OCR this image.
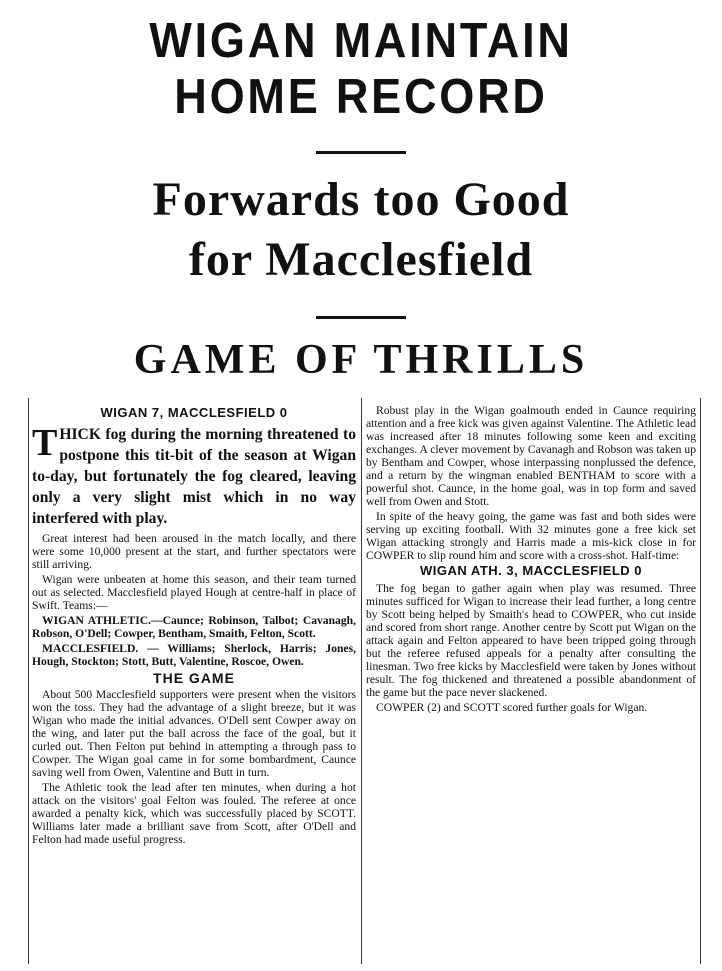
WIGAN MAINTAIN
HOME RECORD
Forwards too Good
for Macclesfield
GAME OF THRILLS
WIGAN 7, MACCLESFIELD 0
THICK fog during the morning threatened to postpone this tit-bit of the season at Wigan to-day, but fortunately the fog cleared, leaving only a very slight mist which in no way interfered with play.

Great interest had been aroused in the match locally, and there were some 10,000 present at the start, and further spectators were still arriving.

Wigan were unbeaten at home this season, and their team turned out as selected. Macclesfield played Hough at centre-half in place of Swift. Teams:—

WIGAN ATHLETIC.—Caunce; Robinson, Talbot; Cavanagh, Robson, O'Dell; Cowper, Bentham, Smaith, Felton, Scott.

MACCLESFIELD. — Williams; Sherlock, Harris; Jones, Hough, Stockton; Stott, Butt, Valentine, Roscoe, Owen.

THE GAME

About 500 Macclesfield supporters were present when the visitors won the toss. They had the advantage of a slight breeze, but it was Wigan who made the initial advances. O'Dell sent Cowper away on the wing, and later put the ball across the face of the goal, but it curled out. Then Felton put behind in attempting a through pass to Cowper. The Wigan goal came in for some bombardment, Caunce saving well from Owen, Valentine and Butt in turn.

The Athletic took the lead after ten minutes, when during a hot attack on the visitors' goal Felton was fouled. The referee at once awarded a penalty kick, which was successfully placed by SCOTT. Williams later made a brilliant save from Scott, after O'Dell and Felton had made useful progress.

Robust play in the Wigan goalmouth ended in Caunce requiring attention and a free kick was given against Valentine. The Athletic lead was increased after 18 minutes following some keen and exciting exchanges. A clever movement by Cavanagh and Robson was taken up by Bentham and Cowper, whose interpassing nonplussed the defence, and a return by the wingman enabled BENTHAM to score with a powerful shot. Caunce, in the home goal, was in top form and saved well from Owen and Stott.

In spite of the heavy going, the game was fast and both sides were serving up exciting football. With 32 minutes gone a free kick set Wigan attacking strongly and Harris made a mis-kick close in for COWPER to slip round him and score with a cross-shot. Half-time:

WIGAN ATH. 3, MACCLESFIELD 0

The fog began to gather again when play was resumed. Three minutes sufficed for Wigan to increase their lead further, a long centre by Scott being helped by Smaith's head to COWPER, who cut inside and scored from short range. Another centre by Scott put Wigan on the attack again and Felton appeared to have been tripped going through but the referee refused appeals for a penalty after consulting the linesman. Two free kicks by Macclesfield were taken by Jones without result. The fog thickened and threatened a possible abandonment of the game but the pace never slackened.

COWPER (2) and SCOTT scored further goals for Wigan.
